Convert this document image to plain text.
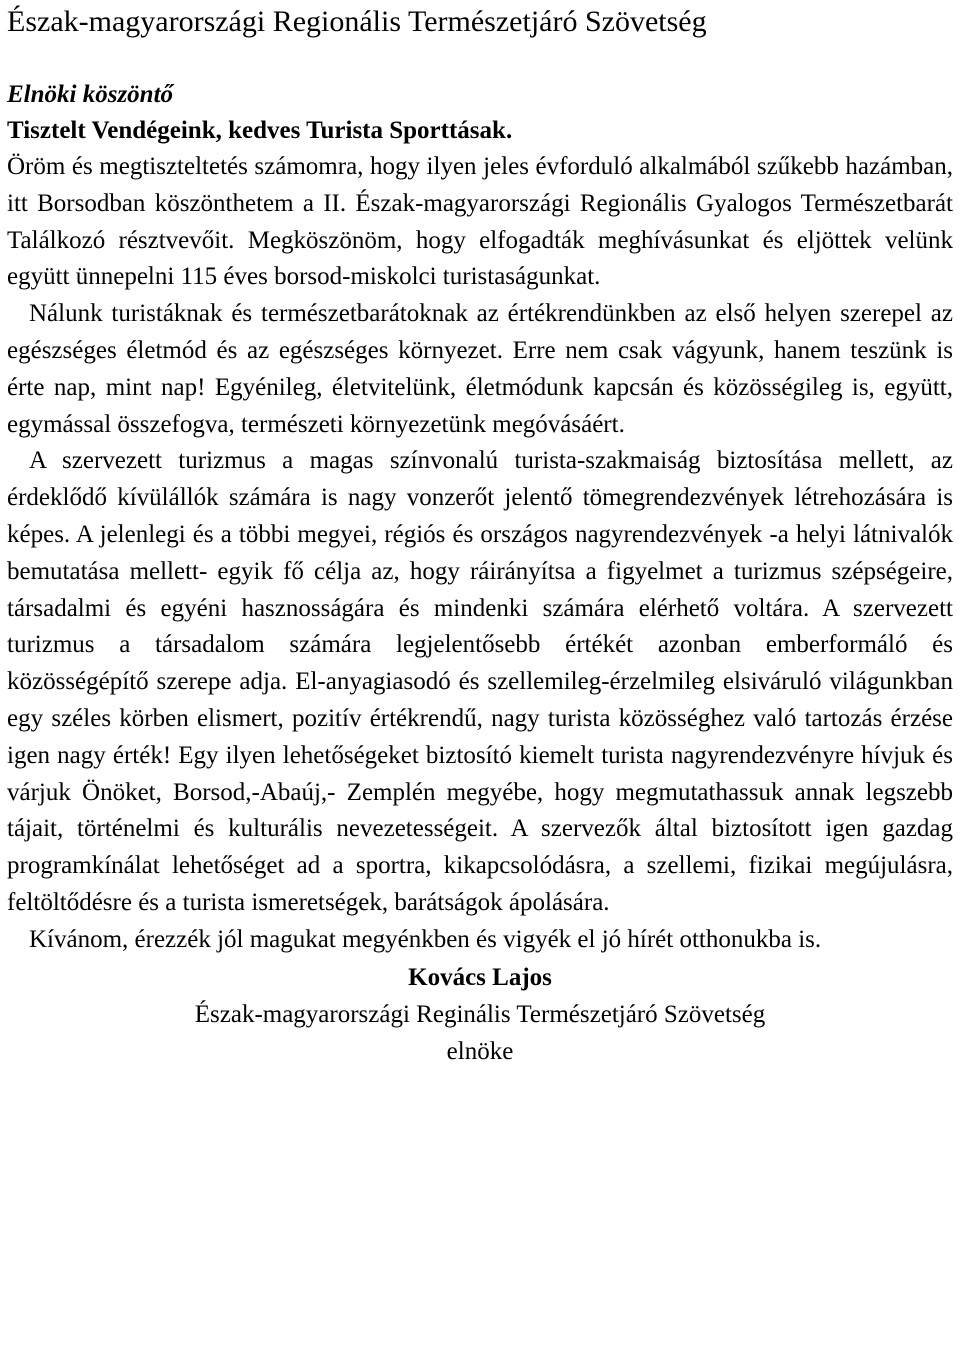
Észak-magyarországi Regionális Természetjáró Szövetség

Elnöki köszöntő

Tisztelt Vendégeink, kedves Turista Sporttásak.

Öröm és megtiszteltetés számomra, hogy ilyen jeles évforduló alkalmából szűkebb hazámban, itt Borsodban köszönthetem a II. Észak-magyarországi Regionális Gyalogos Természetbarát Találkozó résztvevőit. Megköszönöm, hogy elfogadták meghívásunkat és eljöttek velünk együtt ünnepelni 115 éves borsod-miskolci turistaságunkat.

Nálunk turistáknak és természetbarátoknak az értékrendünkben az első helyen szerepel az egészséges életmód és az egészséges környezet. Erre nem csak vágyunk, hanem teszünk is érte nap, mint nap! Egyénileg, életvitelünk, életmódunk kapcsán és közösségileg is, együtt, egymással összefogva, természeti környezetünk megóvásáért.

A szervezett turizmus a magas színvonalú turista-szakmaiság biztosítása mellett, az érdeklődő kívülállók számára is nagy vonzerőt jelentő tömegrendezvények létrehozására is képes. A jelenlegi és a többi megyei, régiós és országos nagyrendezvények -a helyi látnivalók bemutatása mellett- egyik fő célja az, hogy ráirányítsa a figyelmet a turizmus szépségeire, társadalmi és egyéni hasznosságára és mindenki számára elérhető voltára. A szervezett turizmus a társadalom számára legjelentősebb értékét azonban emberformáló és közösségépítő szerepe adja. El-anyagiasodó és szellemileg-érzelmileg elsiváruló világunkban egy széles körben elismert, pozitív értékrendű, nagy turista közösséghez való tartozás érzése igen nagy érték! Egy ilyen lehetőségeket biztosító kiemelt turista nagyrendezvényre hívjuk és várjuk Önöket, Borsod,-Abaúj,- Zemplén megyébe, hogy megmutathassuk annak legszebb tájait, történelmi és kulturális nevezetességeit. A szervezők által biztosított igen gazdag programkínálat lehetőséget ad a sportra, kikapcsolódásra, a szellemi, fizikai megújulásra, feltöltődésre és a turista ismeretségek, barátságok ápolására.

Kívánom, érezzék jól magukat megyénkben és vigyék el jó hírét otthonukba is.

Kovács Lajos

Észak-magyarországi Reginális Természetjáró Szövetség

elnöke
